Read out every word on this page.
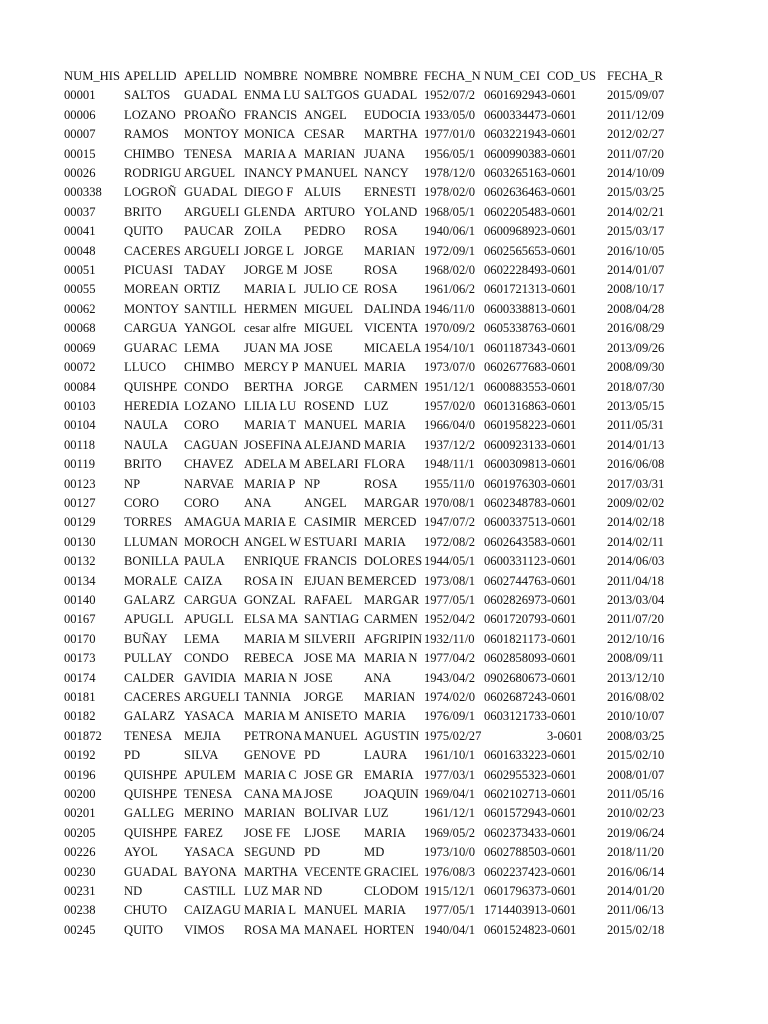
NUM_HIS	APELLID	APELLID	NOMBRE	NOMBRE	NOMBRE	FECHA_N	NUM_CEI	COD_US	FECHA_R
00001	SALTOS	GUADAL	ENMA LU	SALTGOS	GUADAL	1952/07/2	0601692943	-0601	2015/09/07
00006	LOZANO	PROAÑO	FRANCIS	ANGEL	EUDOCIA	1933/05/0	0600334473	-0601	2011/12/09
00007	RAMOS	MONTOY	MONICA	CESAR	MARTHA	1977/01/0	0603221943	-0601	2012/02/27
00015	CHIMBO	TENESA	MARIA A	MARIAN	JUANA	1956/05/1	0600990383	-0601	2011/07/20
00026	RODRIGU	ARGUEL	INANCY P	MANUEL	NANCY	1978/12/0	0603265163	-0601	2014/10/09
000338	LOGROÑ	GUADAL	DIEGO F	ALUIS	ERNESTI	1978/02/0	0602636463	-0601	2015/03/25
00037	BRITO	ARGUELI	GLENDA	ARTURO	YOLAND	1968/05/1	0602205483	-0601	2014/02/21
00041	QUITO	PAUCAR	ZOILA	PEDRO	ROSA	1940/06/1	0600968923	-0601	2015/03/17
00048	CACERES	ARGUELI	JORGE L	JORGE	MARIAN	1972/09/1	0602565653	-0601	2016/10/05
00051	PICUASI	TADAY	JORGE M	JOSE	ROSA	1968/02/0	0602228493	-0601	2014/01/07
00055	MOREAN	ORTIZ	MARIA L	JULIO CE	ROSA	1961/06/2	0601721313	-0601	2008/10/17
00062	MONTOY	SANTILL	HERMEN	MIGUEL	DALINDA	1946/11/0	0600338813	-0601	2008/04/28
00068	CARGUA	YANGOL	cesar alfre	MIGUEL	VICENTA	1970/09/2	0605338763	-0601	2016/08/29
00069	GUARAC	LEMA	JUAN MA	JOSE	MICAELA	1954/10/1	0601187343	-0601	2013/09/26
00072	LLUCO	CHIMBO	MERCY P	MANUEL	MARIA	1973/07/0	0602677683	-0601	2008/09/30
00084	QUISHPE	CONDO	BERTHA	JORGE	CARMEN	1951/12/1	0600883553	-0601	2018/07/30
00103	HEREDIA	LOZANO	LILIA LU	ROSEND	LUZ	1957/02/0	0601316863	-0601	2013/05/15
00104	NAULA	CORO	MARIA T	MANUEL	MARIA	1966/04/0	0601958223	-0601	2011/05/31
00118	NAULA	CAGUAN	JOSEFINA	ALEJAND	MARIA	1937/12/2	0600923133	-0601	2014/01/13
00119	BRITO	CHAVEZ	ADELA M	ABELARI	FLORA	1948/11/1	0600309813	-0601	2016/06/08
00123	NP	NARVAE	MARIA P	NP	ROSA	1955/11/0	0601976303	-0601	2017/03/31
00127	CORO	CORO	ANA	ANGEL	MARGAR	1970/08/1	0602348783	-0601	2009/02/02
00129	TORRES	AMAGUA	MARIA E	CASIMIR	MERCED	1947/07/2	0600337513	-0601	2014/02/18
00130	LLUMAN	MOROCH	ANGEL W	ESTUARI	MARIA	1972/08/2	0602643583	-0601	2014/02/11
00132	BONILLA	PAULA	ENRIQUE	FRANCIS	DOLORES	1944/05/1	0600331123	-0601	2014/06/03
00134	MORALE	CAIZA	ROSA IN	EJUAN BE	MERCED	1973/08/1	0602744763	-0601	2011/04/18
00140	GALARZ	CARGUA	GONZAL	RAFAEL	MARGAR	1977/05/1	0602826973	-0601	2013/03/04
00167	APUGLL	APUGLL	ELSA MA	SANTIAG	CARMEN	1952/04/2	0601720793	-0601	2011/07/20
00170	BUÑAY	LEMA	MARIA M	SILVERII	AFGRIPIN	1932/11/0	0601821173	-0601	2012/10/16
00173	PULLAY	CONDO	REBECA	JOSE MA	MARIA N	1977/04/2	0602858093	-0601	2008/09/11
00174	CALDER	GAVIDIA	MARIA N	JOSE	ANA	1943/04/2	0902680673	-0601	2013/12/10
00181	CACERES	ARGUELI	TANNIA	JORGE	MARIAN	1974/02/0	0602687243	-0601	2016/08/02
00182	GALARZ	YASACA	MARIA M	ANISETO	MARIA	1976/09/1	0603121733	-0601	2010/10/07
001872	TENESA	MEJIA	PETRONA	MANUEL	AGUSTIN	1975/02/27		3-0601	2008/03/25
00192	PD	SILVA	GENOVE	PD	LAURA	1961/10/1	0601633223	-0601	2015/02/10
00196	QUISHPE	APULEM	MARIA C	JOSE GR	EMARIA	1977/03/1	0602955323	-0601	2008/01/07
00200	QUISHPE	TENESA	CANA MA	JOSE	JOAQUIN	1969/04/1	0602102713	-0601	2011/05/16
00201	GALLEG	MERINO	MARIAN	BOLIVAR	LUZ	1961/12/1	0601572943	-0601	2010/02/23
00205	QUISHPE	FAREZ	JOSE FE	LJOSE	MARIA	1969/05/2	0602373433	-0601	2019/06/24
00226	AYOL	YASACA	SEGUND	PD	MD	1973/10/0	0602788503	-0601	2018/11/20
00230	GUADAL	BAYONA	MARTHA	VECENTE	GRACIEL	1976/08/3	0602237423	-0601	2016/06/14
00231	ND	CASTILL	LUZ MAR	ND	CLODOM	1915/12/1	0601796373	-0601	2014/01/20
00238	CHUTO	CAIZAGU	MARIA L	MANUEL	MARIA	1977/05/1	1714403913	-0601	2011/06/13
00245	QUITO	VIMOS	ROSA MA	MANAEL	HORTEN	1940/04/1	0601524823	-0601	2015/02/18
